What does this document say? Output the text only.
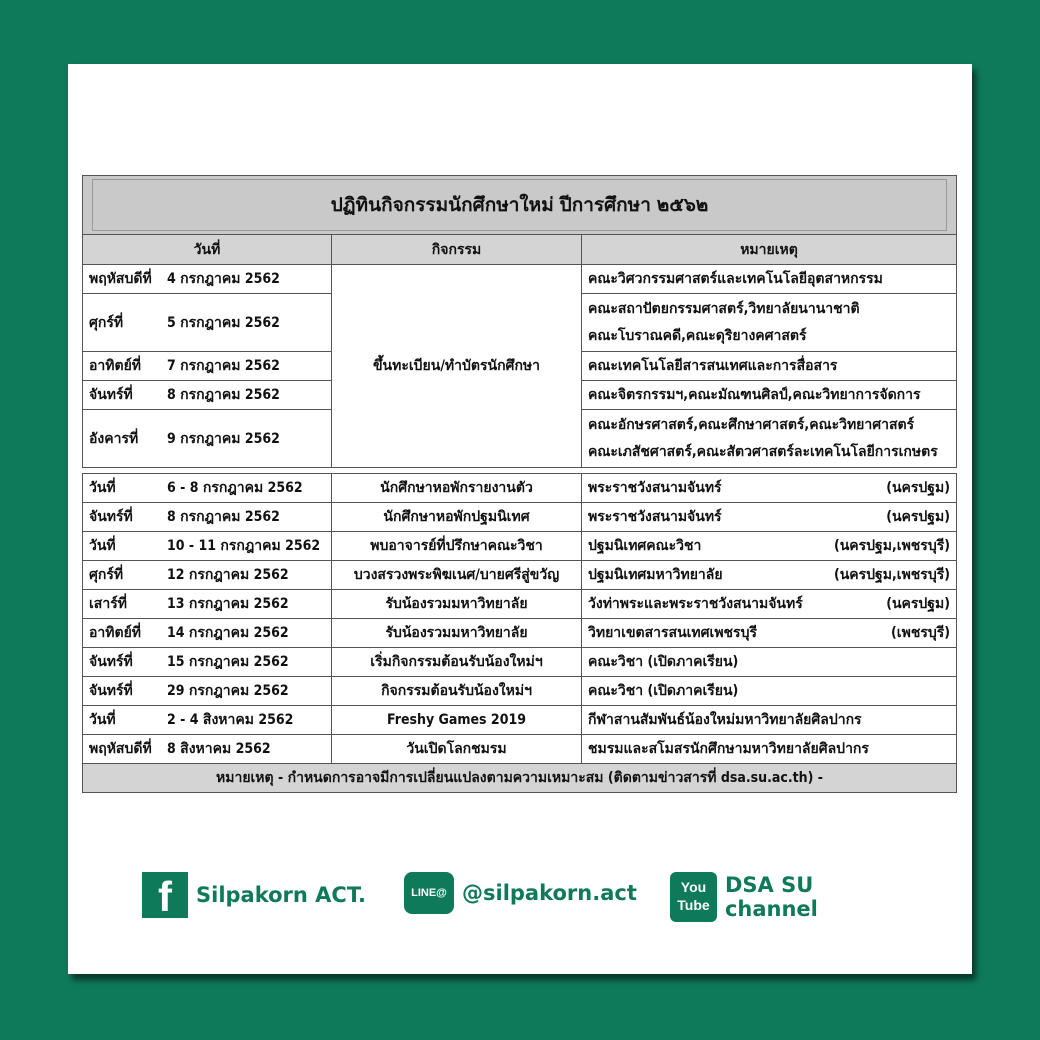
ปฏิทินกิจกรรมนักศึกษาใหม่ ปีการศึกษา ๒๕๖๒		

วันที่	กิจกรรม	หมายเหตุ
พฤหัสบดีที่ 4 กรกฎาคม 2562	ขึ้นทะเบียน/ทำบัตรนักศึกษา	คณะวิศวกรรมศาสตร์และเทคโนโลยีอุตสาหกรรม
ศุกร์ที่ 5 กรกฎาคม 2562		คณะสถาปัตยกรรมศาสตร์,วิทยาลัยนานาชาติ
คณะโบราณคดี,คณะดุริยางคศาสตร์

อาทิตย์ที่ 7 กรกฎาคม 2562		คณะเทคโนโลยีสารสนเทศและการสื่อสาร
จันทร์ที่ 8 กรกฎาคม 2562		คณะจิตรกรรมฯ,คณะมัณฑนศิลป์,คณะวิทยาการจัดการ
อังคารที่ 9 กรกฎาคม 2562		คณะอักษรศาสตร์,คณะศึกษาศาสตร์,คณะวิทยาศาสตร์
คณะเภสัชศาสตร์,คณะสัตวศาสตร์ละเทคโนโลยีการเกษตร
วันที่ 6 - 8 กรกฎาคม 2562	นักศึกษาหอพักรายงานตัว	พระราชวังสนามจันทร์ (นครปฐม)

จันทร์ที่ 8 กรกฎาคม 2562	นักศึกษาหอพักปฐมนิเทศ	พระราชวังสนามจันทร์ (นครปฐม)

วันที่ 10 - 11 กรกฎาคม 2562	พบอาจารย์ที่ปรึกษาคณะวิชา	ปฐมนิเทศคณะวิชา (นครปฐม,เพชรบุรี)

ศุกร์ที่ 12 กรกฎาคม 2562	บวงสรวงพระพิฆเนศ/บายศรีสู่ขวัญ	ปฐมนิเทศมหาวิทยาลัย (นครปฐม,เพชรบุรี)

เสาร์ที่ 13 กรกฎาคม 2562	รับน้องรวมมหาวิทยาลัย	วังท่าพระและพระราชวังสนามจันทร์ (นครปฐม)

อาทิตย์ที่ 14 กรกฎาคม 2562	รับน้องรวมมหาวิทยาลัย	วิทยาเขตสารสนเทศเพชรบุรี (เพชรบุรี)

จันทร์ที่ 15 กรกฎาคม 2562	เริ่มกิจกรรมต้อนรับน้องใหม่ฯ	คณะวิชา (เปิดภาคเรียน)

จันทร์ที่ 29 กรกฎาคม 2562	กิจกรรมต้อนรับน้องใหม่ฯ	คณะวิชา (เปิดภาคเรียน)

วันที่ 2 - 4 สิงหาคม 2562	Freshy Games 2019	กีฬาสานสัมพันธ์น้องใหม่มหาวิทยาลัยศิลปากร

พฤหัสบดีที่ 8 สิงหาคม 2562	วันเปิดโลกชมรม	ชมรมและสโมสรนักศึกษามหาวิทยาลัยศิลปากร

หมายเหตุ - กำหนดการอาจมีการเปลี่ยนแปลงตามความเหมาะสม (ติดตามข่าวสารที่ dsa.su.ac.th) -		
f	Silpakorn ACT.	LINE@ @silpakorn.act	You
Tube
DSA SU channel
